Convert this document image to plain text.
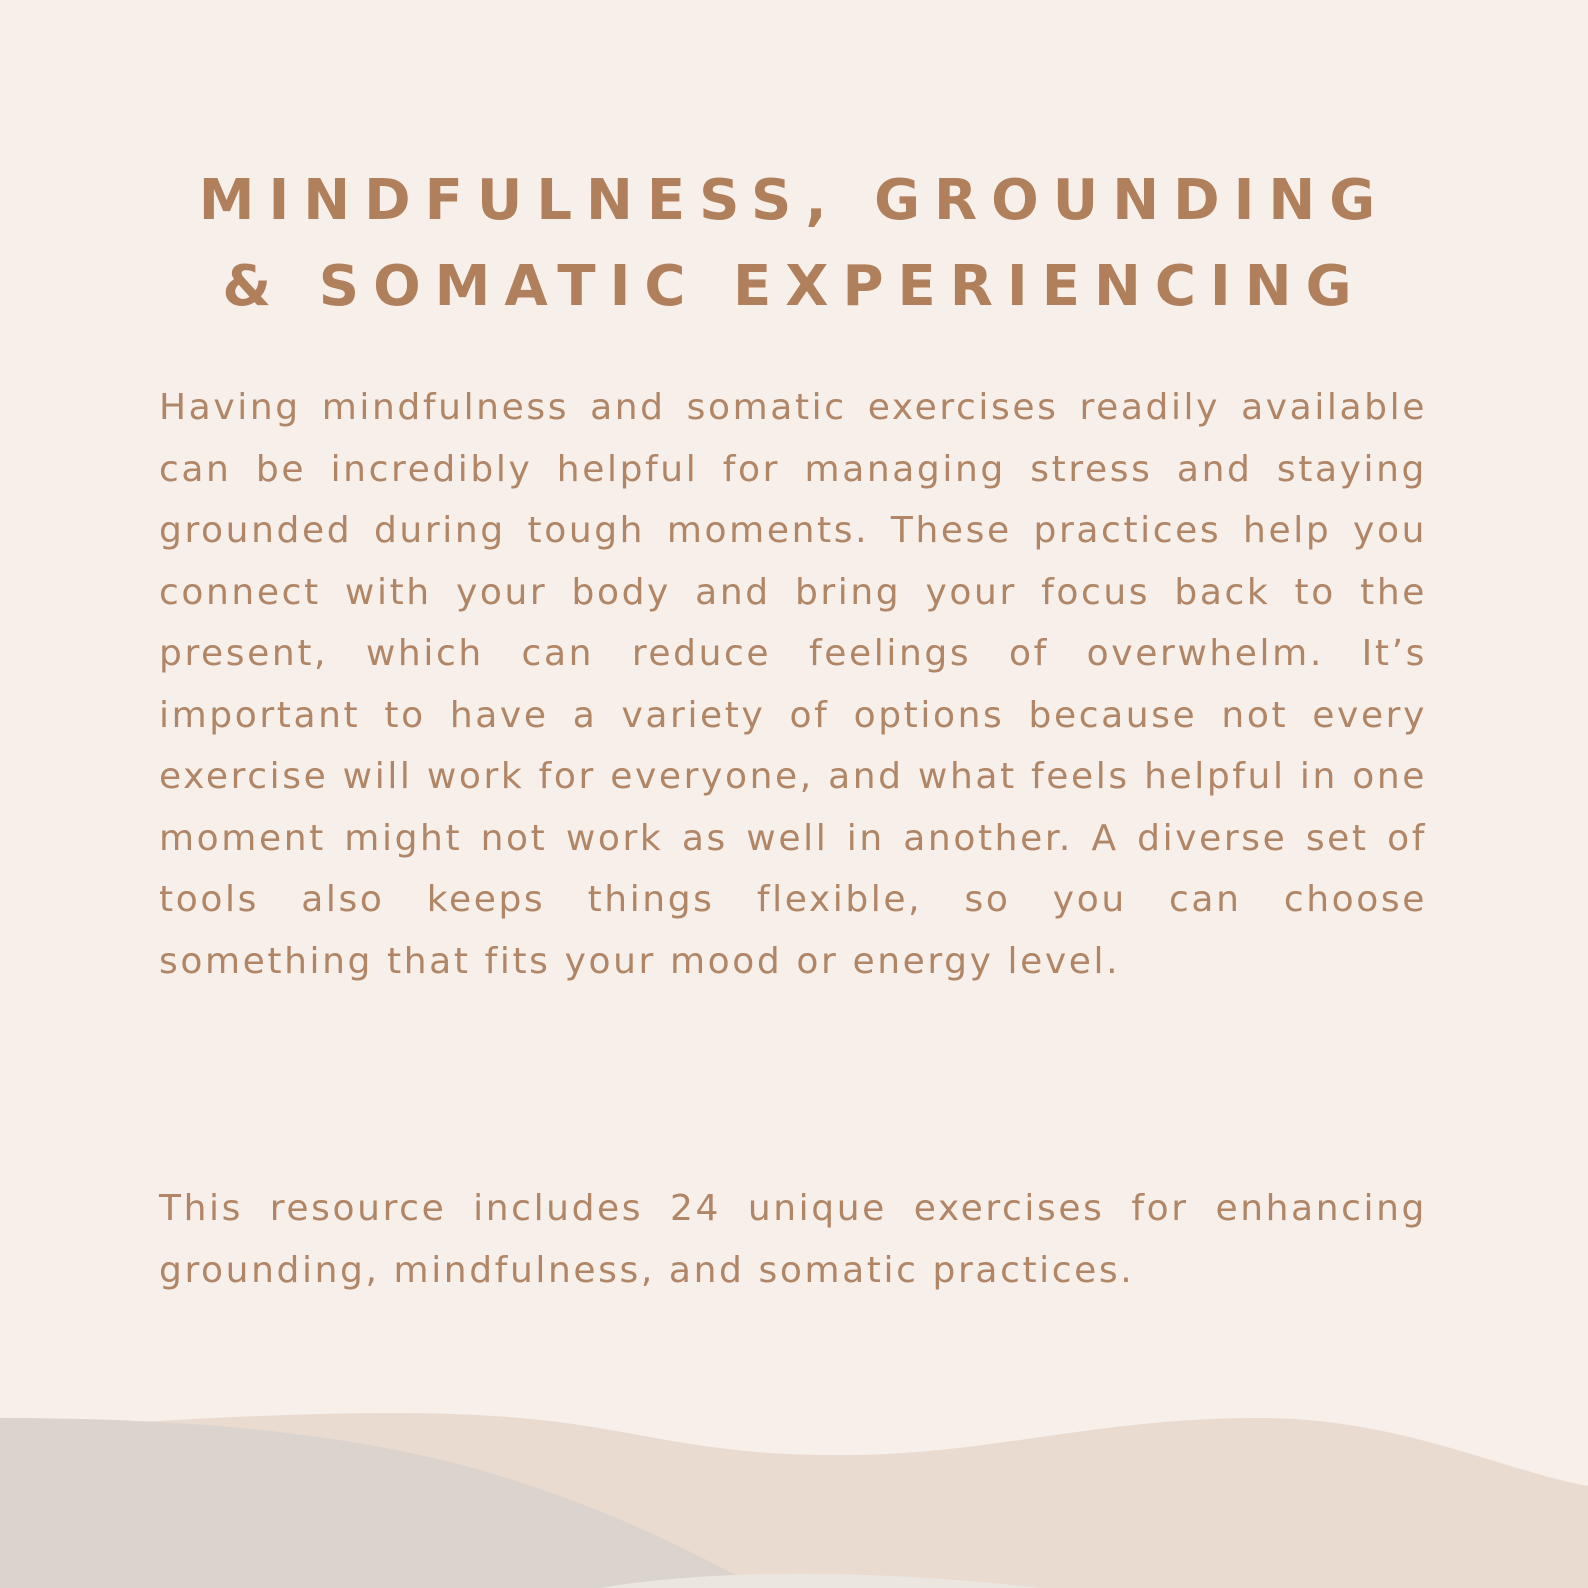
MINDFULNESS, GROUNDING
& SOMATIC EXPERIENCING

Having mindfulness and somatic exercises readily available can be incredibly helpful for managing stress and staying grounded during tough moments. These practices help you connect with your body and bring your focus back to the present, which can reduce feelings of overwhelm. It’s important to have a variety of options because not every exercise will work for everyone, and what feels helpful in one moment might not work as well in another. A diverse set of tools also keeps things flexible, so you can choose something that fits your mood or energy level.

This resource includes 24 unique exercises for enhancing grounding, mindfulness, and somatic practices.
